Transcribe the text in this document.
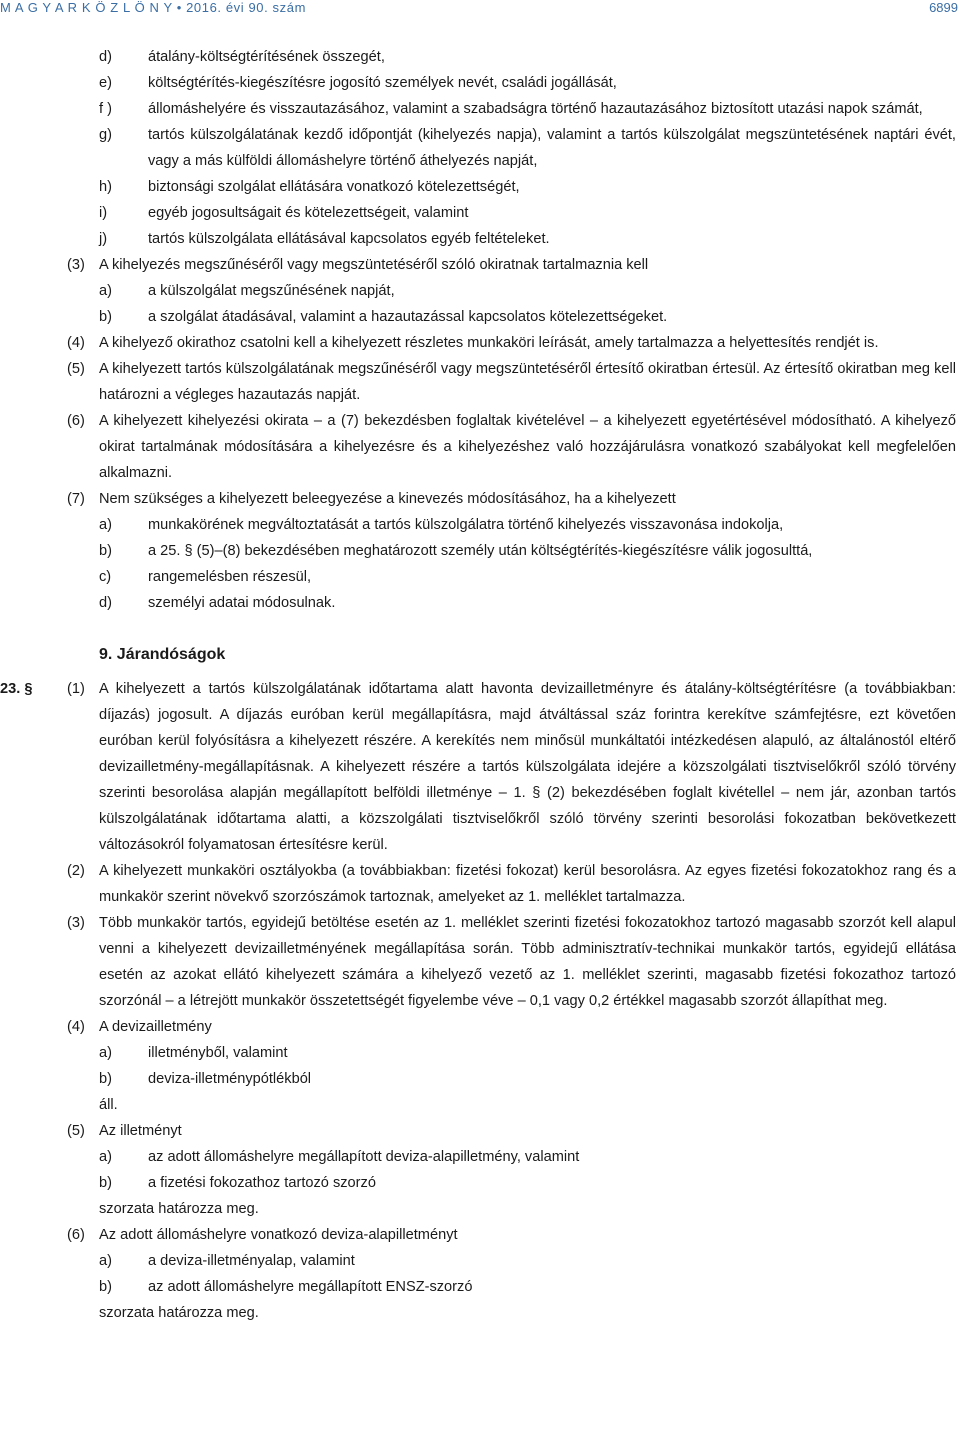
M A G Y A R K Ö Z L Ö N Y • 2016. évi 90. szám	6899
d) átalány-költségtérítésének összegét,
e) költségtérítés-kiegészítésre jogosító személyek nevét, családi jogállását,
f ) állomáshelyére és visszautazásához, valamint a szabadságra történő hazautazásához biztosított utazási napok számát,
g) tartós külszolgálatának kezdő időpontját (kihelyezés napja), valamint a tartós külszolgálat megszüntetésének naptári évét, vagy a más külföldi állomáshelyre történő áthelyezés napját,
h) biztonsági szolgálat ellátására vonatkozó kötelezettségét,
i)	egyéb jogosultságait és kötelezettségeit, valamint
j)	tartós külszolgálata ellátásával kapcsolatos egyéb feltételeket.
(3) A kihelyezés megszűnéséről vagy megszüntetéséről szóló okiratnak tartalmaznia kell
a) a külszolgálat megszűnésének napját,
b) a szolgálat átadásával, valamint a hazautazással kapcsolatos kötelezettségeket.
(4) A kihelyező okirathoz csatolni kell a kihelyezett részletes munkaköri leírását, amely tartalmazza a helyettesítés rendjét is.
(5) A kihelyezett tartós külszolgálatának megszűnéséről vagy megszüntetéséről értesítő okiratban értesül. Az értesítő okiratban meg kell határozni a végleges hazautazás napját.
(6) A kihelyezett kihelyezési okirata – a (7) bekezdésben foglaltak kivételével – a kihelyezett egyetértésével módosítható. A kihelyező okirat tartalmának módosítására a kihelyezésre és a kihelyezéshez való hozzájárulásra vonatkozó szabályokat kell megfelelően alkalmazni.
(7) Nem szükséges a kihelyezett beleegyezése a kinevezés módosításához, ha a kihelyezett
a) munkakörének megváltoztatását a tartós külszolgálatra történő kihelyezés visszavonása indokolja,
b) a 25. § (5)–(8) bekezdésében meghatározott személy után költségtérítés-kiegészítésre válik jogosulttá,
c)	rangemelésben részesül,
d) személyi adatai módosulnak.
9. Járandóságok
23. § (1) A kihelyezett a tartós külszolgálatának időtartama alatt havonta devizailletményre és átalány-költségtérítésre (a továbbiakban: díjazás) jogosult. A díjazás euróban kerül megállapításra, majd átváltással száz forintra kerekítve számfejtésre, ezt követően euróban kerül folyósításra a kihelyezett részére. A kerekítés nem minősül munkáltatói intézkedésen alapuló, az általánostól eltérő devizailletmény-megállapításnak. A kihelyezett részére a tartós külszolgálata idejére a közszolgálati tisztviselőkről szóló törvény szerinti besorolása alapján megállapított belföldi illetménye – 1. § (2) bekezdésében foglalt kivétellel – nem jár, azonban tartós külszolgálatának időtartama alatti, a közszolgálati tisztviselőkről szóló törvény szerinti besorolási fokozatban bekövetkezett változásokról folyamatosan értesítésre kerül.
(2) A kihelyezett munkaköri osztályokba (a továbbiakban: fizetési fokozat) kerül besorolásra. Az egyes fizetési fokozatokhoz rang és a munkakör szerint növekvő szorzószámok tartoznak, amelyeket az 1. melléklet tartalmazza.
(3) Több munkakör tartós, egyidejű betöltése esetén az 1. melléklet szerinti fizetési fokozatokhoz tartozó magasabb szorzót kell alapul venni a kihelyezett devizailletményének megállapítása során. Több adminisztratív-technikai munkakör tartós, egyidejű ellátása esetén az azokat ellátó kihelyezett számára a kihelyező vezető az 1. melléklet szerinti, magasabb fizetési fokozathoz tartozó szorzónál – a létrejött munkakör összetettségét figyelembe véve – 0,1 vagy 0,2 értékkel magasabb szorzót állapíthat meg.
(4) A devizailletmény
a) illetményből, valamint
b) deviza-illetménypótlékból
áll.
(5) Az illetményt
a) az adott állomáshelyre megállapított deviza-alapilletmény, valamint
b) a fizetési fokozathoz tartozó szorzó
szorzata határozza meg.
(6) Az adott állomáshelyre vonatkozó deviza-alapilletményt
a) a deviza-illetményalap, valamint
b) az adott állomáshelyre megállapított ENSZ-szorzó
szorzata határozza meg.
